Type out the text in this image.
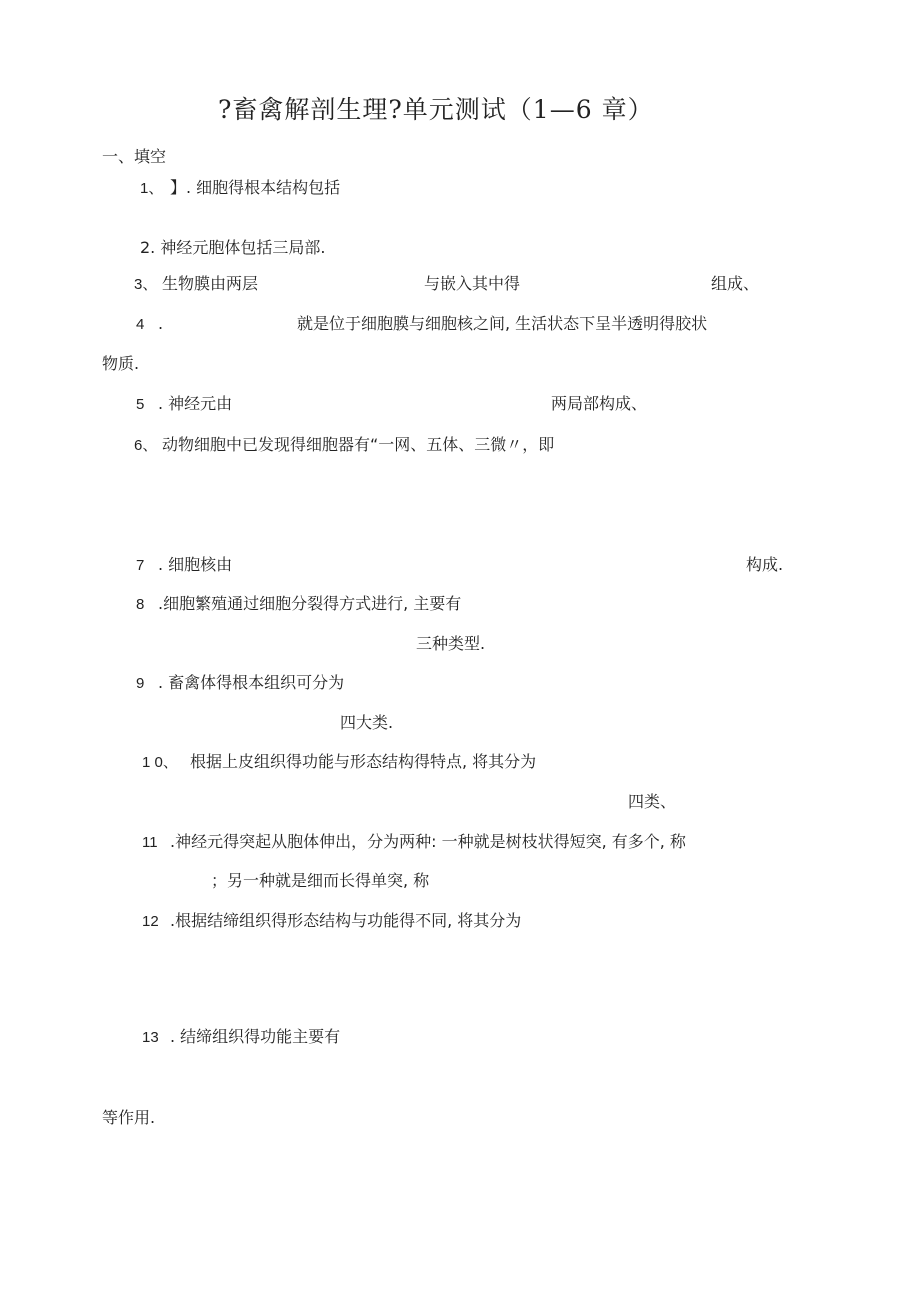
?畜禽解剖生理?单元测试（1—6 章）
一、填空
1、 】. 细胞得根本结构包括
2. 神经元胞体包括三局部.
3、 生物膜由两层	与嵌入其中得	组成、
4 .	就是位于细胞膜与细胞核之间, 生活状态下呈半透明得胶状
物质.
5 . 神经元由	两局部构成、
6、 动物细胞中已发现得细胞器有“一网、五体、三微〃，即
7 . 细胞核由	构成.
8 .细胞繁殖通过细胞分裂得方式进行, 主要有
三种类型.
9 . 畜禽体得根本组织可分为
四大类.
1 0、 根据上皮组织得功能与形态结构得特点, 将其分为
四类、
11 .神经元得突起从胞体伸出，分为两种: 一种就是树枝状得短突, 有多个, 称
；另一种就是细而长得单突, 称
12 .根据结缔组织得形态结构与功能得不同, 将其分为
13 . 结缔组织得功能主要有
等作用.
